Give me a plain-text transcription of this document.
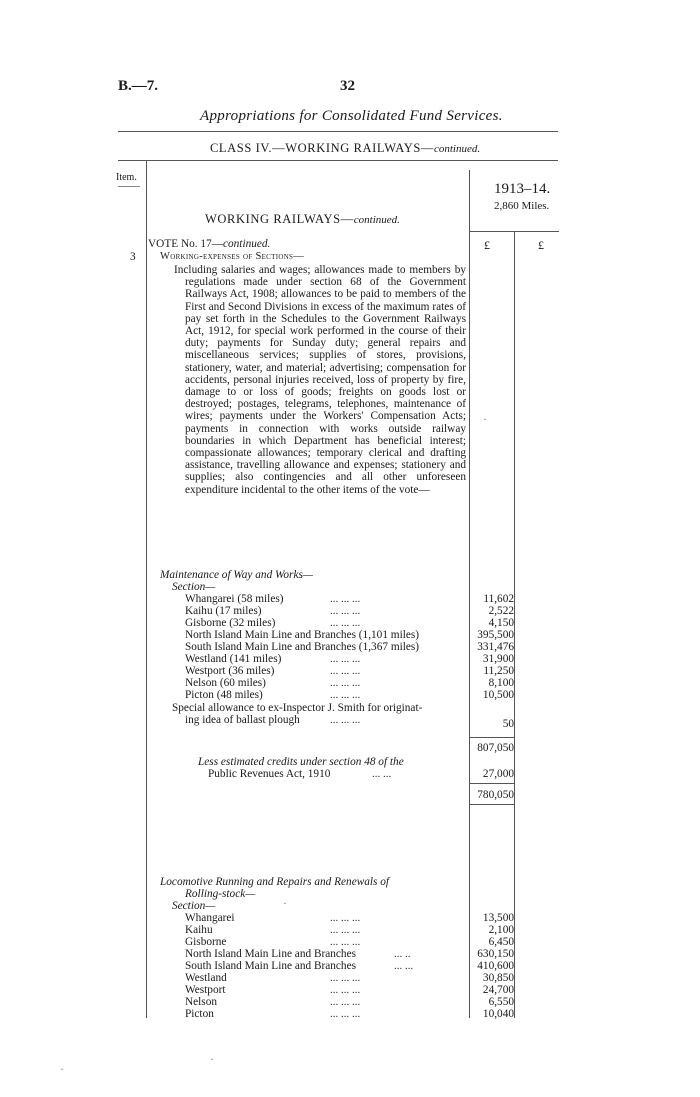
B.—7.	32
Appropriations for Consolidated Fund Services.
CLASS IV.—WORKING RAILWAYS—continued.
Item.
1913–14.
2,860 Miles.
WORKING RAILWAYS—continued.
VOTE No. 17—continued.	£	£
3 Working-expenses of Sections—
Including salaries and wages; allowances made to members by regulations made under section 68 of the Government Railways Act, 1908; allowances to be paid to members of the First and Second Divisions in excess of the maximum rates of pay set forth in the Schedules to the Government Railways Act, 1912, for special work performed in the course of their duty; payments for Sunday duty; general repairs and miscellaneous services; supplies of stores, provisions, stationery, water, and material; advertising; compensation for accidents, personal injuries received, loss of property by fire, damage to or loss of goods; freights on goods lost or destroyed; postages, telegrams, telephones, maintenance of wires; payments under the Workers' Compensation Acts; payments in connection with works outside railway boundaries in which Department has beneficial interest; compassionate allowances; temporary clerical and drafting assistance, travelling allowance and expenses; stationery and supplies; also contingencies and all other unforeseen expenditure incidental to the other items of the vote—
Maintenance of Way and Works—
Section—
Whangarei (58 miles)	... ... ...	11,602
Kaihu (17 miles)	... ... ...	2,522
Gisborne (32 miles)	... ... ...	4,150
North Island Main Line and Branches (1,101 miles)	395,500
South Island Main Line and Branches (1,367 miles)	331,476
Westland (141 miles)	... ... ...	31,900
Westport (36 miles)	... ... ...	11,250
Nelson (60 miles)	... ... ...	8,100
Picton (48 miles)	... ... ...	10,500
Special allowance to ex-Inspector J. Smith for originat-
ing idea of ballast plough	... ... ...	50
807,050
Less estimated credits under section 48 of the
Public Revenues Act, 1910	... ...	27,000
780,050
Locomotive Running and Repairs and Renewals of
Rolling-stock—
Section—	·
Whangarei	... ... ...	13,500
Kaihu	... ... ...	2,100
Gisborne	... ... ...	6,450
North Island Main Line and Branches	... ..	630,150
South Island Main Line and Branches	... ...	410,600
Westland	... ... ...	30,850
Westport	... ... ...	24,700
Nelson	... ... ...	6,550
Picton	... ... ...	10,040
·
·
·
